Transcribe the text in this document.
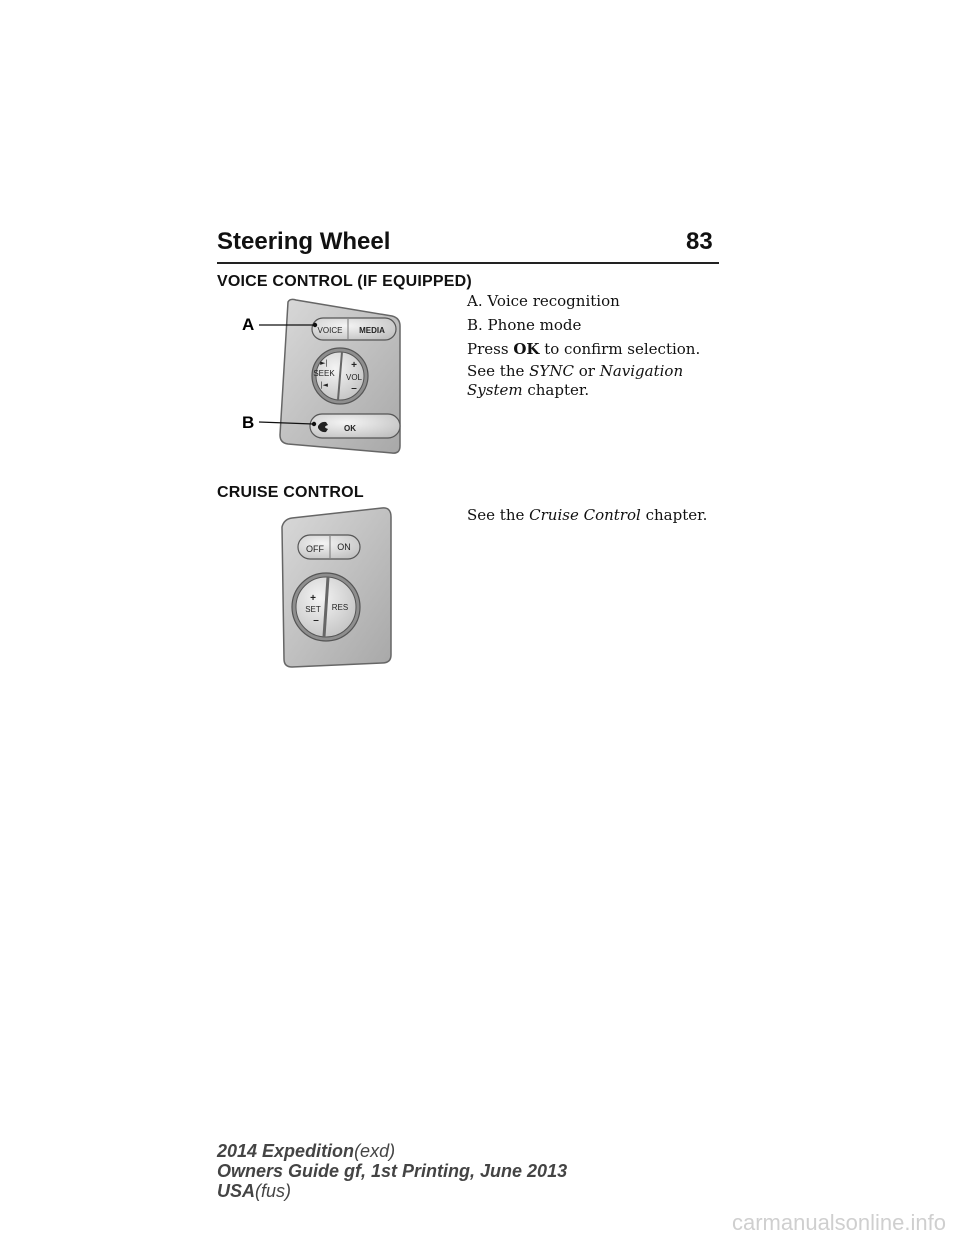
Steering Wheel	83
VOICE CONTROL (IF EQUIPPED)
VOICE MEDIA
SEEK
►|
|◄
+
VOL
–
OK
A
B
A. Voice recognition
B. Phone mode
Press OK to confirm selection.
See the SYNC or Navigation System chapter.
CRUISE CONTROL
OFF ON
+
SET
–
RES
See the Cruise Control chapter.
2014 Expedition(exd)
Owners Guide gf, 1st Printing, June 2013
USA(fus)
carmanualsonline.info
